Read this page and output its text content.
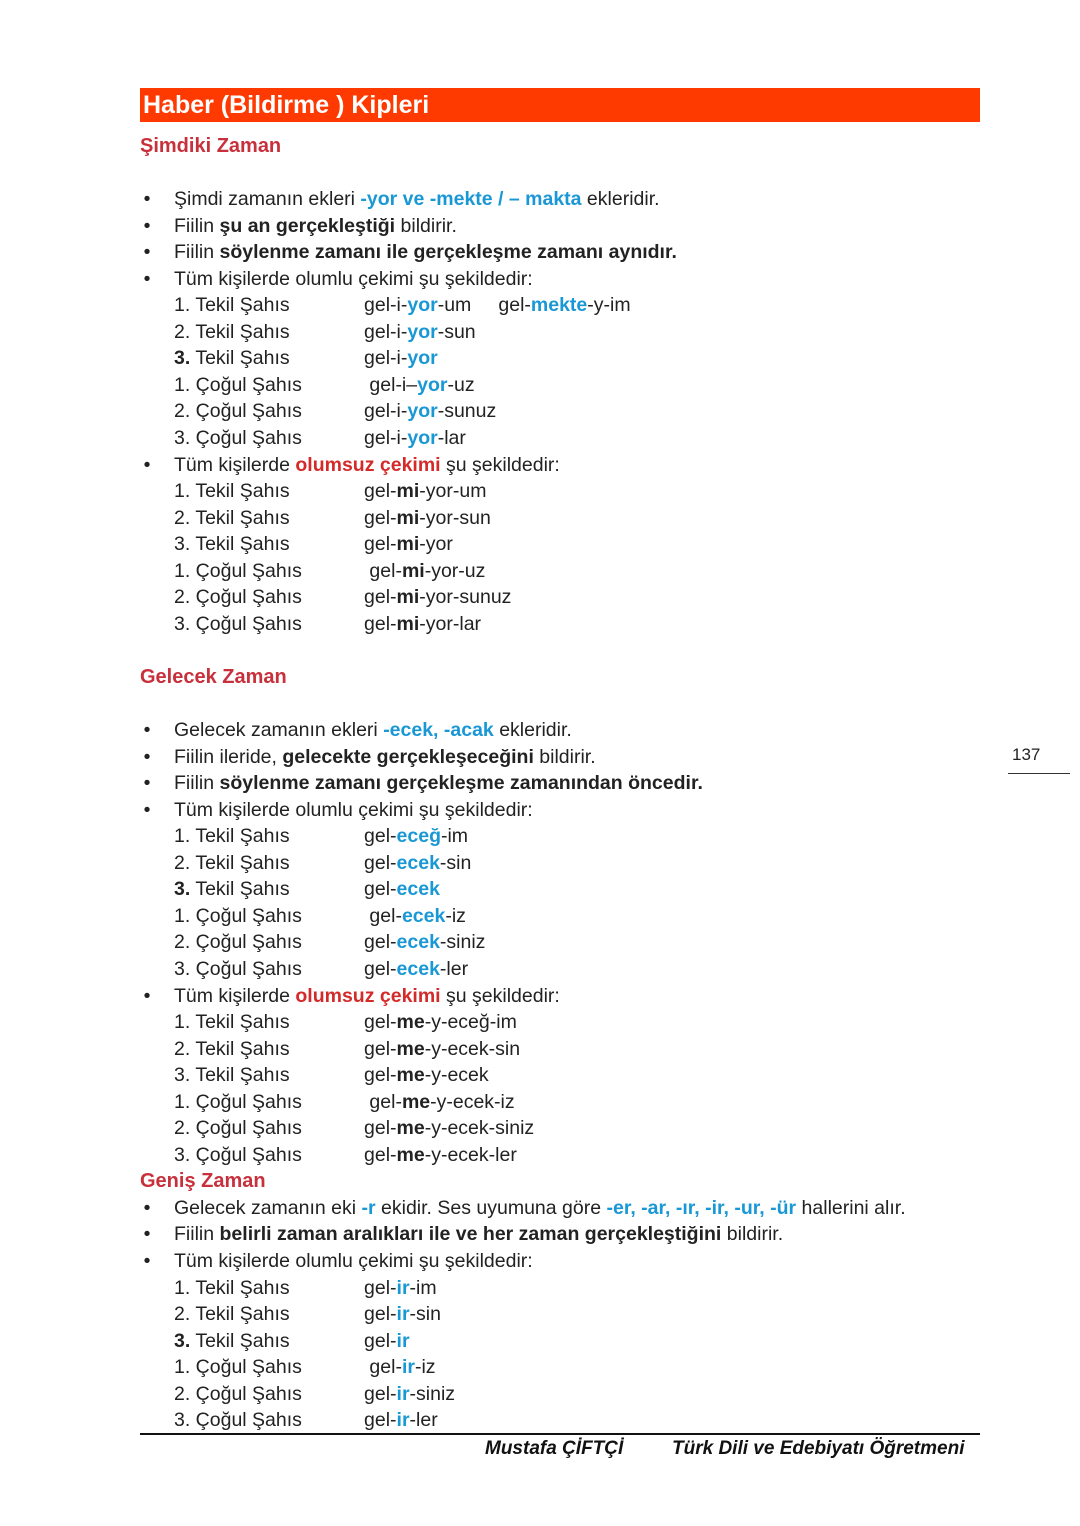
Haber (Bildirme ) Kipleri
Şimdiki Zaman
• Şimdi zamanın ekleri -yor ve -mekte / – makta ekleridir.
• Fiilin şu an gerçekleştiği bildirir.
• Fiilin söylenme zamanı ile gerçekleşme zamanı aynıdır.
• Tüm kişilerde olumlu çekimi şu şekildedir:
1. Tekil Şahıs	gel-i-yor-um     gel-mekte-y-im
2. Tekil Şahıs	gel-i-yor-sun
3. Tekil Şahıs	gel-i-yor
1. Çoğul Şahıs	gel-i–yor-uz
2. Çoğul Şahıs	gel-i-yor-sunuz
3. Çoğul Şahıs	gel-i-yor-lar
• Tüm kişilerde olumsuz çekimi şu şekildedir:
1. Tekil Şahıs	gel-mi-yor-um
2. Tekil Şahıs	gel-mi-yor-sun
3. Tekil Şahıs	gel-mi-yor
1. Çoğul Şahıs	gel-mi-yor-uz
2. Çoğul Şahıs	gel-mi-yor-sunuz
3. Çoğul Şahıs	gel-mi-yor-lar
Gelecek Zaman
• Gelecek zamanın ekleri -ecek, -acak ekleridir.
• Fiilin ileride, gelecekte gerçekleşeceğini bildirir.
• Fiilin söylenme zamanı gerçekleşme zamanından öncedir.
• Tüm kişilerde olumlu çekimi şu şekildedir:
1. Tekil Şahıs	gel-eceğ-im
2. Tekil Şahıs	gel-ecek-sin
3. Tekil Şahıs	gel-ecek
1. Çoğul Şahıs	gel-ecek-iz
2. Çoğul Şahıs	gel-ecek-siniz
3. Çoğul Şahıs	gel-ecek-ler
• Tüm kişilerde olumsuz çekimi şu şekildedir:
1. Tekil Şahıs	gel-me-y-eceğ-im
2. Tekil Şahıs	gel-me-y-ecek-sin
3. Tekil Şahıs	gel-me-y-ecek
1. Çoğul Şahıs	gel-me-y-ecek-iz
2. Çoğul Şahıs	gel-me-y-ecek-siniz
3. Çoğul Şahıs	gel-me-y-ecek-ler
Geniş Zaman
• Gelecek zamanın eki -r ekidir. Ses uyumuna göre -er, -ar, -ır, -ir, -ur, -ür hallerini alır.
• Fiilin belirli zaman aralıkları ile ve her zaman gerçekleştiğini bildirir.
• Tüm kişilerde olumlu çekimi şu şekildedir:
1. Tekil Şahıs	gel-ir-im
2. Tekil Şahıs	gel-ir-sin
3. Tekil Şahıs	gel-ir
1. Çoğul Şahıs	gel-ir-iz
2. Çoğul Şahıs	gel-ir-siniz
3. Çoğul Şahıs	gel-ir-ler
137
Mustafa ÇİFTÇİ	Türk Dili ve Edebiyatı Öğretmeni
